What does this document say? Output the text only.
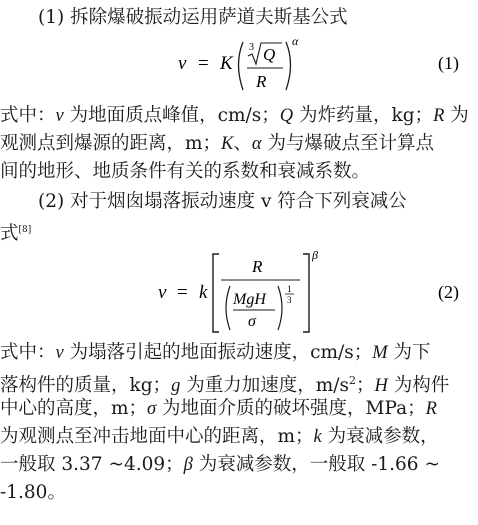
(1) 拆除爆破振动运用萨道夫斯基公式
v = K
3 Q
R
α
(1)
式中：v 为地面质点峰值，cm/s；Q 为炸药量，kg；R 为
观测点到爆源的距离，m；K、α 为与爆破点至计算点
间的地形、地质条件有关的系数和衰减系数。
(2) 对于烟囱塌落振动速度 v 符合下列衰减公
式[8]
v = k
R
MgH
σ
1
3
β
(2)
式中：v 为塌落引起的地面振动速度，cm/s；M 为下
落构件的质量，kg；g 为重力加速度，$m/s^2$；H 为构件
中心的高度，m；σ 为地面介质的破坏强度，MPa；R
为观测点至冲击地面中心的距离，m；k 为衰减参数，
一般取 3.37 ~4.09；β 为衰减参数，一般取 -1.66 ~
-1.80。
